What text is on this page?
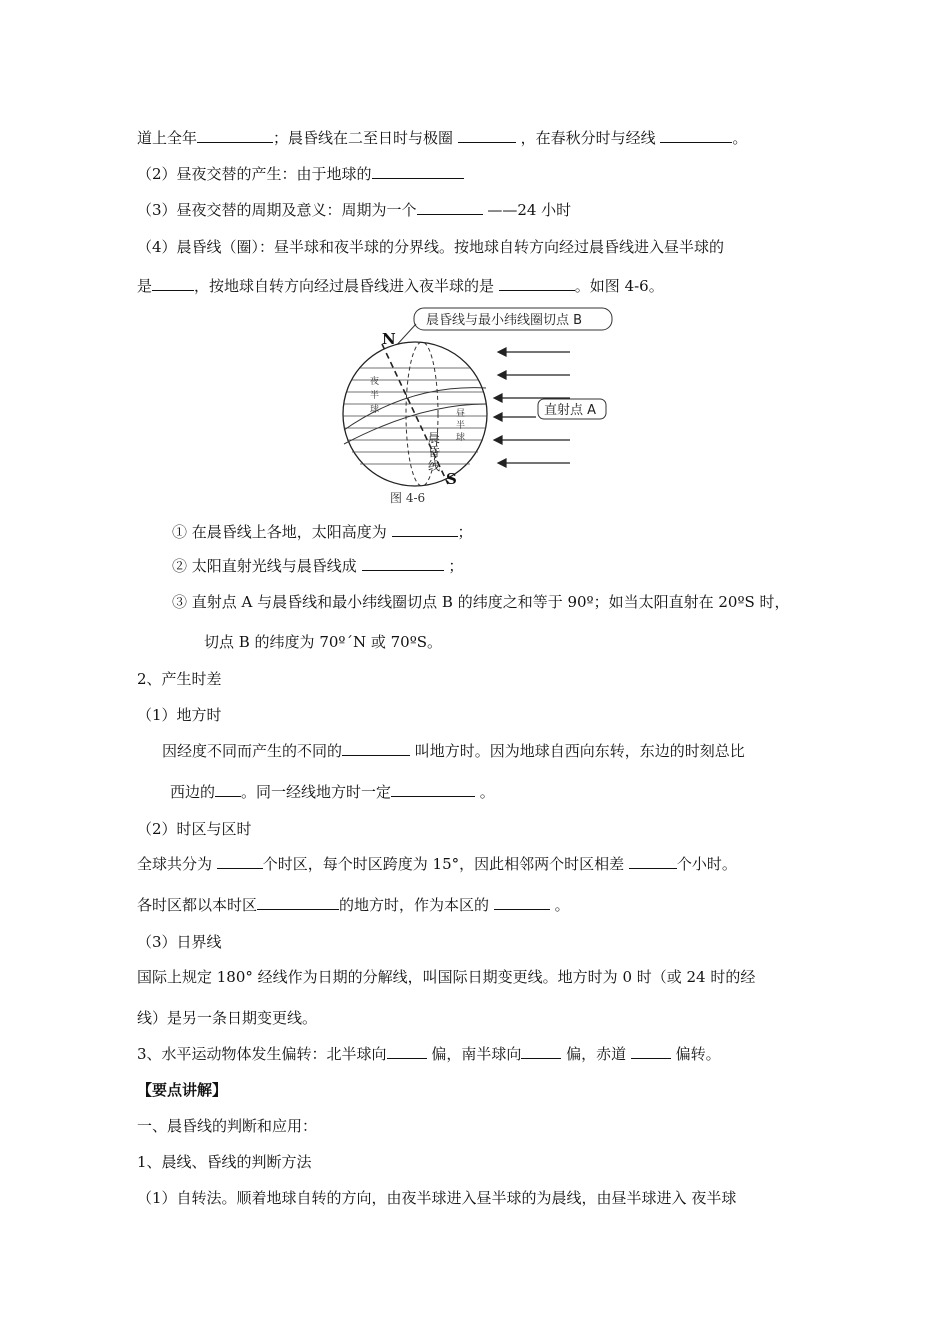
道上全年	；晨昏线在二至日时与极圈	，在春秋分时与经线	。
（2）昼夜交替的产生：由于地球的
（3）昼夜交替的周期及意义：周期为一个	——24 小时
（4）晨昏线（圈）：昼半球和夜半球的分界线。按地球自转方向经过晨昏线进入昼半球的
是	，按地球自转方向经过晨昏线进入夜半球的是	。如图 4-6。
晨昏线与最小纬线圈切点 B
N
S
夜
半
球	昼
半
球
晨
昏
线
直射点 A
图 4-6
① 在晨昏线上各地，太阳高度为	；
② 太阳直射光线与晨昏线成	；
③ 直射点 A 与晨昏线和最小纬线圈切点 B 的纬度之和等于 90º；如当太阳直射在 20ºS 时，
切点 B 的纬度为 70º´N 或 70ºS。
2、产生时差
（1）地方时
因经度不同而产生的不同的	叫地方时。因为地球自西向东转，东边的时刻总比
西边的 。同一经线地方时一定	。
（2）时区与区时
全球共分为	个时区，每个时区跨度为 15°，因此相邻两个时区相差	个小时。
各时区都以本时区	的地方时，作为本区的	。
（3）日界线
国际上规定 180° 经线作为日期的分解线，叫国际日期变更线。地方时为 0 时（或 24 时的经
线）是另一条日期变更线。
3、水平运动物体发生偏转：北半球向	偏，南半球向	偏，赤道	偏转。
【要点讲解】
一、晨昏线的判断和应用：
1、晨线、昏线的判断方法
（1）自转法。顺着地球自转的方向，由夜半球进入昼半球的为晨线，由昼半球进入 夜半球
